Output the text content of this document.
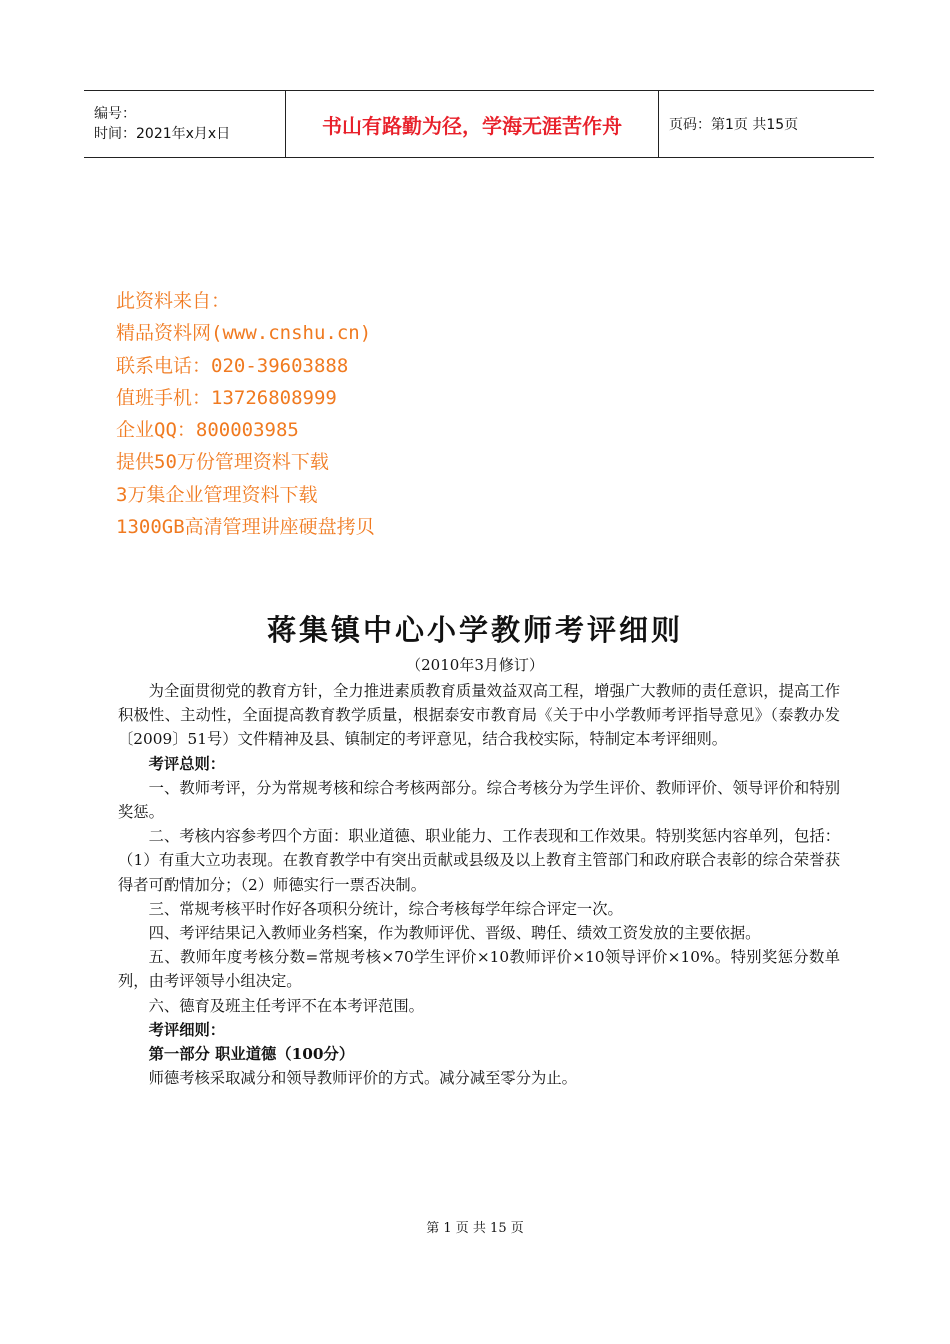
编号：
时间：2021年x月x日	书山有路勤为径，学海无涯苦作舟	页码：第1页 共15页
此资料来自：
精品资料网(www.cnshu.cn)
联系电话：020-39603888
值班手机：13726808999
企业QQ：800003985
提供50万份管理资料下载
3万集企业管理资料下载
1300GB高清管理讲座硬盘拷贝
蒋集镇中心小学教师考评细则
（2010年3月修订）

为全面贯彻党的教育方针，全力推进素质教育质量效益双高工程，增强广大教师的责任意识，提高工作积极性、主动性，全面提高教育教学质量，根据泰安市教育局《关于中小学教师考评指导意见》（泰教办发〔2009〕51号）文件精神及县、镇制定的考评意见，结合我校实际，特制定本考评细则。

考评总则：

一、教师考评，分为常规考核和综合考核两部分。综合考核分为学生评价、教师评价、领导评价和特别奖惩。

二、考核内容参考四个方面：职业道德、职业能力、工作表现和工作效果。特别奖惩内容单列，包括：（1）有重大立功表现。在教育教学中有突出贡献或县级及以上教育主管部门和政府联合表彰的综合荣誉获得者可酌情加分；（2）师德实行一票否决制。

三、常规考核平时作好各项积分统计，综合考核每学年综合评定一次。

四、考评结果记入教师业务档案，作为教师评优、晋级、聘任、绩效工资发放的主要依据。

五、教师年度考核分数=常规考核×70学生评价×10教师评价×10领导评价×10%。特别奖惩分数单列，由考评领导小组决定。

六、德育及班主任考评不在本考评范围。

考评细则：

第一部分 职业道德（100分）

师德考核采取减分和领导教师评价的方式。减分减至零分为止。

第 1 页 共 15 页
